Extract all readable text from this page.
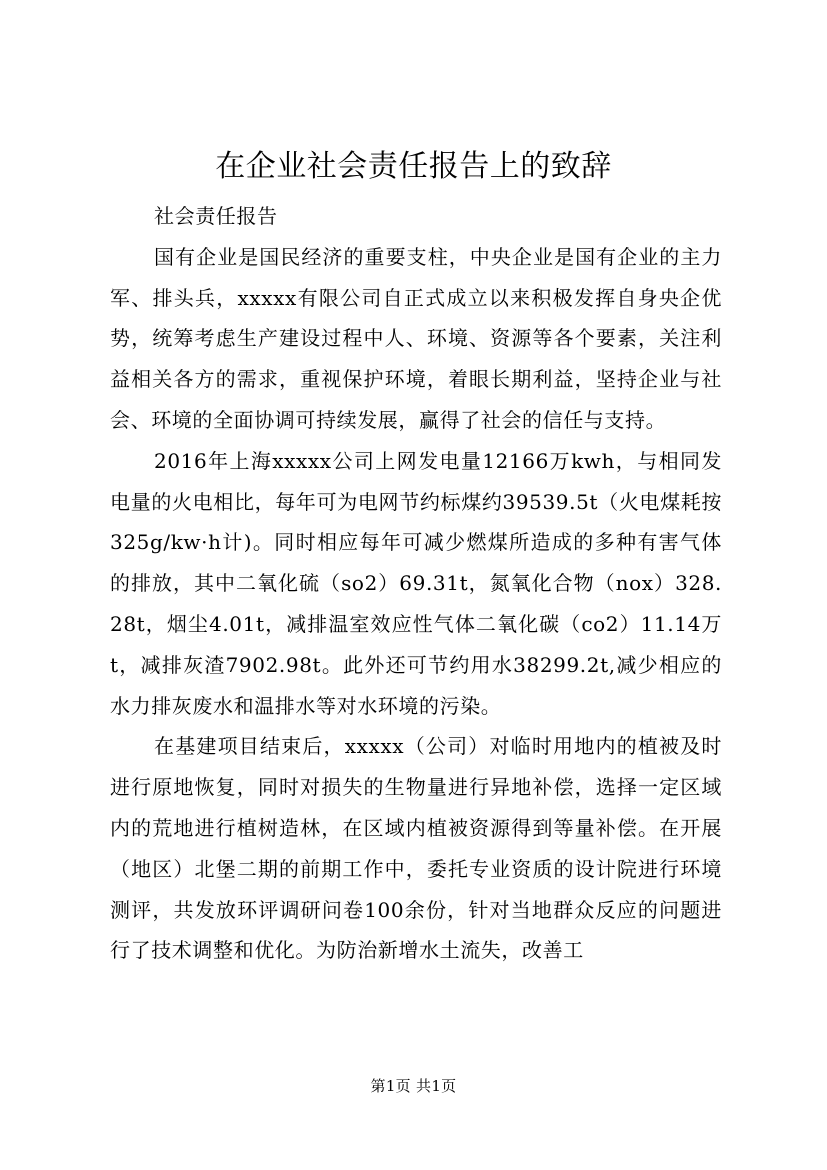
在企业社会责任报告上的致辞

社会责任报告

国有企业是国民经济的重要支柱，中央企业是国有企业的主力军、排头兵，xxxxx有限公司自正式成立以来积极发挥自身央企优势，统筹考虑生产建设过程中人、环境、资源等各个要素，关注利益相关各方的需求，重视保护环境，着眼长期利益，坚持企业与社会、环境的全面协调可持续发展，赢得了社会的信任与支持。

2016年上海xxxxx公司上网发电量12166万kwh，与相同发电量的火电相比，每年可为电网节约标煤约39539.5t（火电煤耗按325g/kw·h计)。同时相应每年可减少燃煤所造成的多种有害气体的排放，其中二氧化硫（so2）69.31t，氮氧化合物（nox）328.28t，烟尘4.01t，减排温室效应性气体二氧化碳（co2）11.14万t，减排灰渣7902.98t。此外还可节约用水38299.2t,减少相应的水力排灰废水和温排水等对水环境的污染。

在基建项目结束后，xxxxx（公司）对临时用地内的植被及时进行原地恢复，同时对损失的生物量进行异地补偿，选择一定区域内的荒地进行植树造林，在区域内植被资源得到等量补偿。在开展（地区）北堡二期的前期工作中，委托专业资质的设计院进行环境测评，共发放环评调研问卷100余份，针对当地群众反应的问题进行了技术调整和优化。为防治新增水土流失，改善工

第1页 共1页
